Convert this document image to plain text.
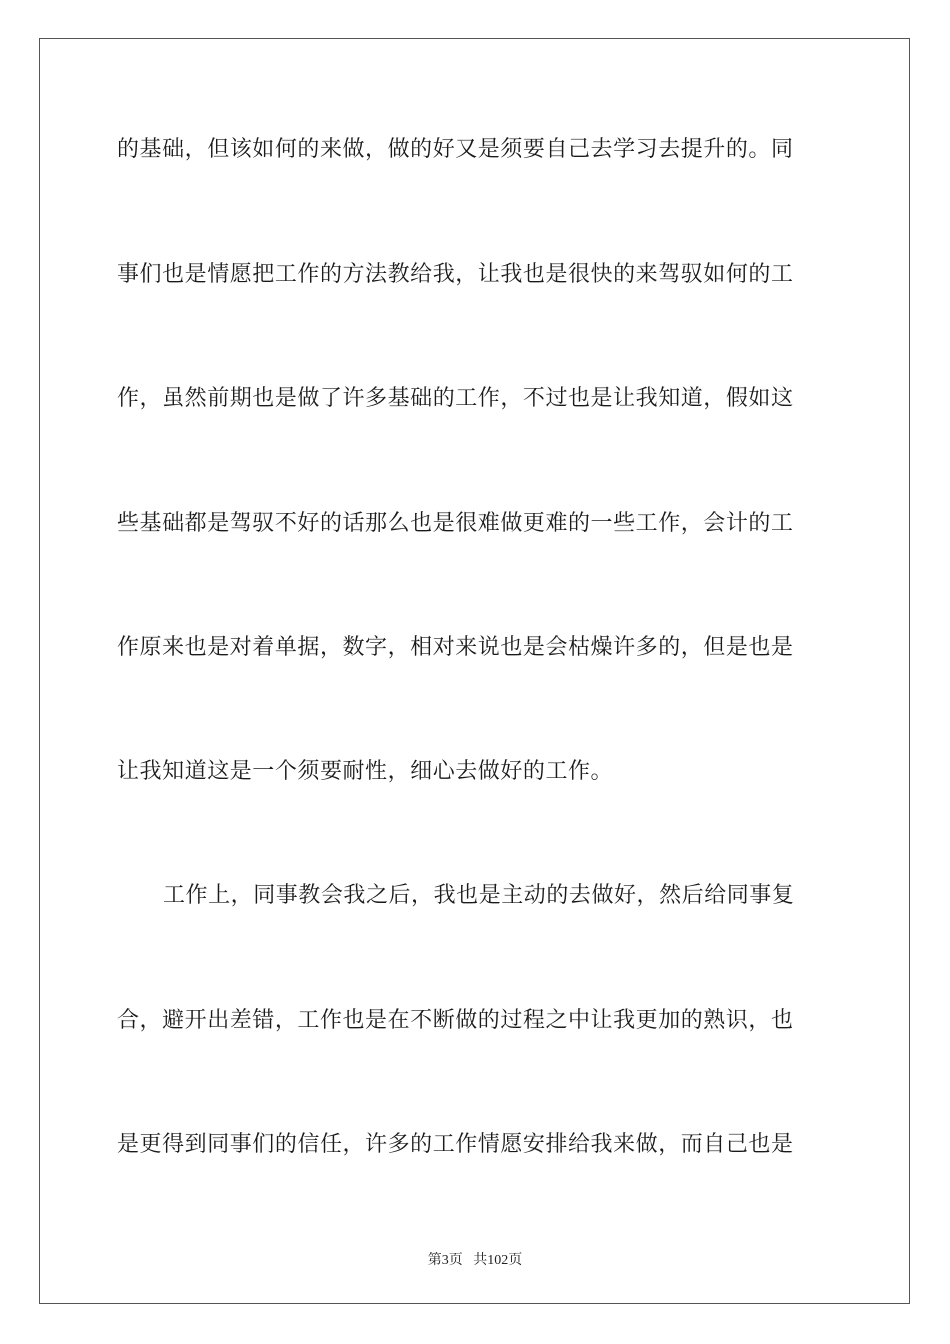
的基础，但该如何的来做，做的好又是须要自己去学习去提升的。同
事们也是情愿把工作的方法教给我，让我也是很快的来驾驭如何的工
作，虽然前期也是做了许多基础的工作，不过也是让我知道，假如这
些基础都是驾驭不好的话那么也是很难做更难的一些工作，会计的工
作原来也是对着单据，数字，相对来说也是会枯燥许多的，但是也是
让我知道这是一个须要耐性，细心去做好的工作。
工作上，同事教会我之后，我也是主动的去做好，然后给同事复
合，避开出差错，工作也是在不断做的过程之中让我更加的熟识，也
是更得到同事们的信任，许多的工作情愿安排给我来做，而自己也是
第3页   共102页
